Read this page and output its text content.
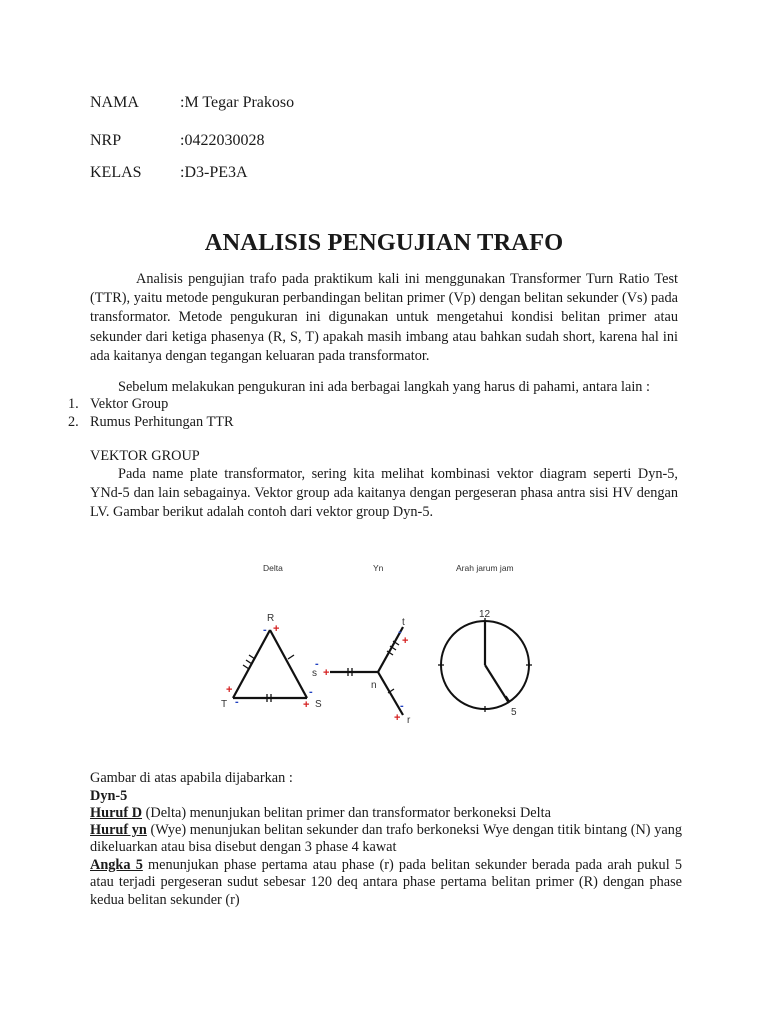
NAMA	:M Tegar Prakoso
NRP	:0422030028
KELAS :D3-PE3A
ANALISIS PENGUJIAN TRAFO
Analisis pengujian trafo pada praktikum kali ini menggunakan Transformer Turn Ratio Test (TTR), yaitu metode pengukuran perbandingan belitan primer (Vp) dengan belitan sekunder (Vs) pada transformator. Metode pengukuran ini digunakan untuk mengetahui kondisi belitan primer atau sekunder dari ketiga phasenya (R, S, T) apakah masih imbang atau bahkan sudah short, karena hal ini ada kaitanya dengan tegangan keluaran pada transformator.
Sebelum melakukan pengukuran ini ada berbagai langkah yang harus di pahami, antara lain :
1. Vektor Group
2. Rumus Perhitungan TTR
VEKTOR GROUP
Pada name plate transformator, sering kita melihat kombinasi vektor diagram seperti Dyn-5, YNd-5 dan lain sebagainya. Vektor group ada kaitanya dengan pergeseran phasa antra sisi HV dengan LV. Gambar berikut adalah contoh dari vektor group Dyn-5.
Delta	Yn	Arah jarum jam
R
T	S
- +
+
-
-
+
t
s
n
r
-
+
-
+
+
-
12
5
Gambar di atas apabila dijabarkan :
Dyn-5
Huruf D (Delta) menunjukan belitan primer dan transformator berkoneksi Delta
Huruf yn (Wye) menunjukan belitan sekunder dan trafo berkoneksi Wye dengan titik bintang (N) yang dikeluarkan atau bisa disebut dengan 3 phase 4 kawat
Angka 5 menunjukan phase pertama atau phase (r) pada belitan sekunder berada pada arah pukul 5 atau terjadi pergeseran sudut sebesar 120 deq antara phase pertama belitan primer (R) dengan phase kedua belitan sekunder (r)
